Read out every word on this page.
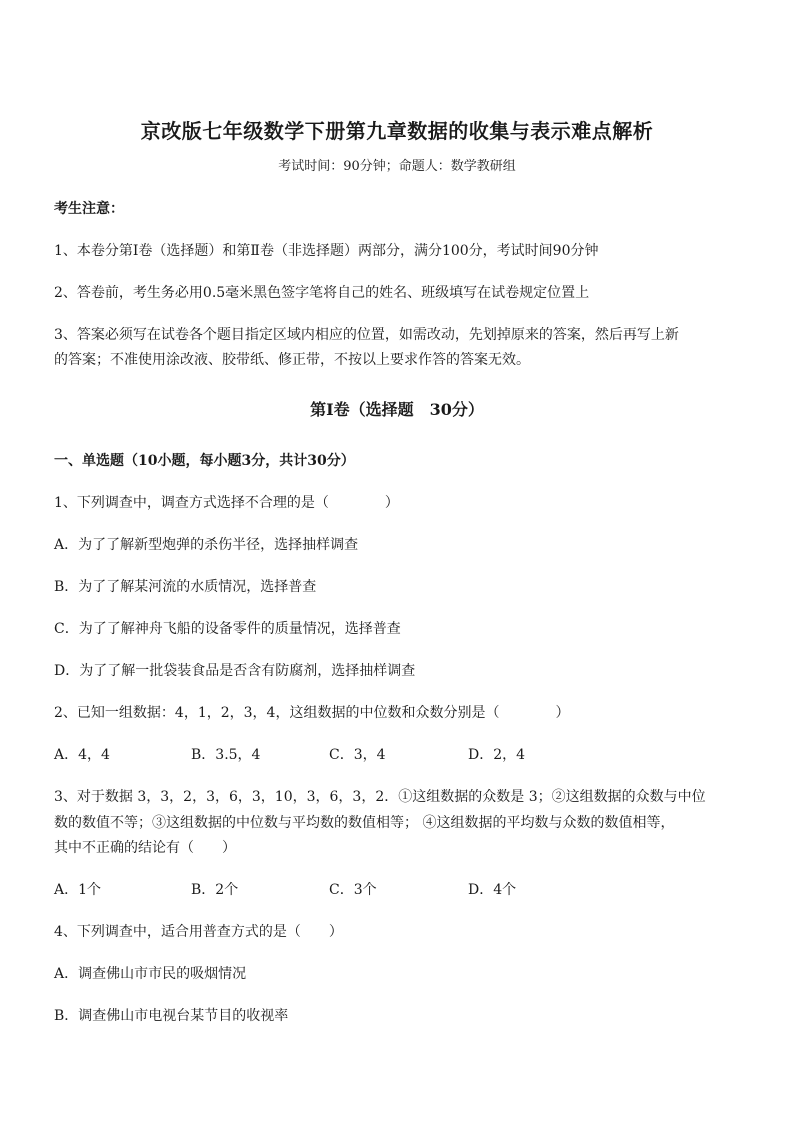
京改版七年级数学下册第九章数据的收集与表示难点解析
考试时间：90分钟；命题人：数学教研组
考生注意：
1、本卷分第Ⅰ卷（选择题）和第Ⅱ卷（非选择题）两部分，满分100分，考试时间90分钟
2、答卷前，考生务必用0.5毫米黑色签字笔将自己的姓名、班级填写在试卷规定位置上
3、答案必须写在试卷各个题目指定区域内相应的位置，如需改动，先划掉原来的答案，然后再写上新
的答案；不准使用涂改液、胶带纸、修正带，不按以上要求作答的答案无效。
第Ⅰ卷（选择题　30分）
一、单选题（10小题，每小题3分，共计30分）
1、下列调查中，调查方式选择不合理的是（　　　　）
A．为了了解新型炮弹的杀伤半径，选择抽样调查
B．为了了解某河流的水质情况，选择普查
C．为了了解神舟飞船的设备零件的质量情况，选择普查
D．为了了解一批袋装食品是否含有防腐剂，选择抽样调查
2、已知一组数据：4，1，2，3，4，这组数据的中位数和众数分别是（　　　　）
A．4，4	B．3.5，4	C．3，4	D．2，4
3、对于数据 3，3，2，3，6，3，10，3，6，3，2．①这组数据的众数是 3；②这组数据的众数与中位
数的数值不等；③这组数据的中位数与平均数的数值相等； ④这组数据的平均数与众数的数值相等，
其中不正确的结论有（　　）
A．1个	B．2个	C．3个	D．4个
4、下列调查中，适合用普查方式的是（　　）
A．调查佛山市市民的吸烟情况
B．调查佛山市电视台某节目的收视率
